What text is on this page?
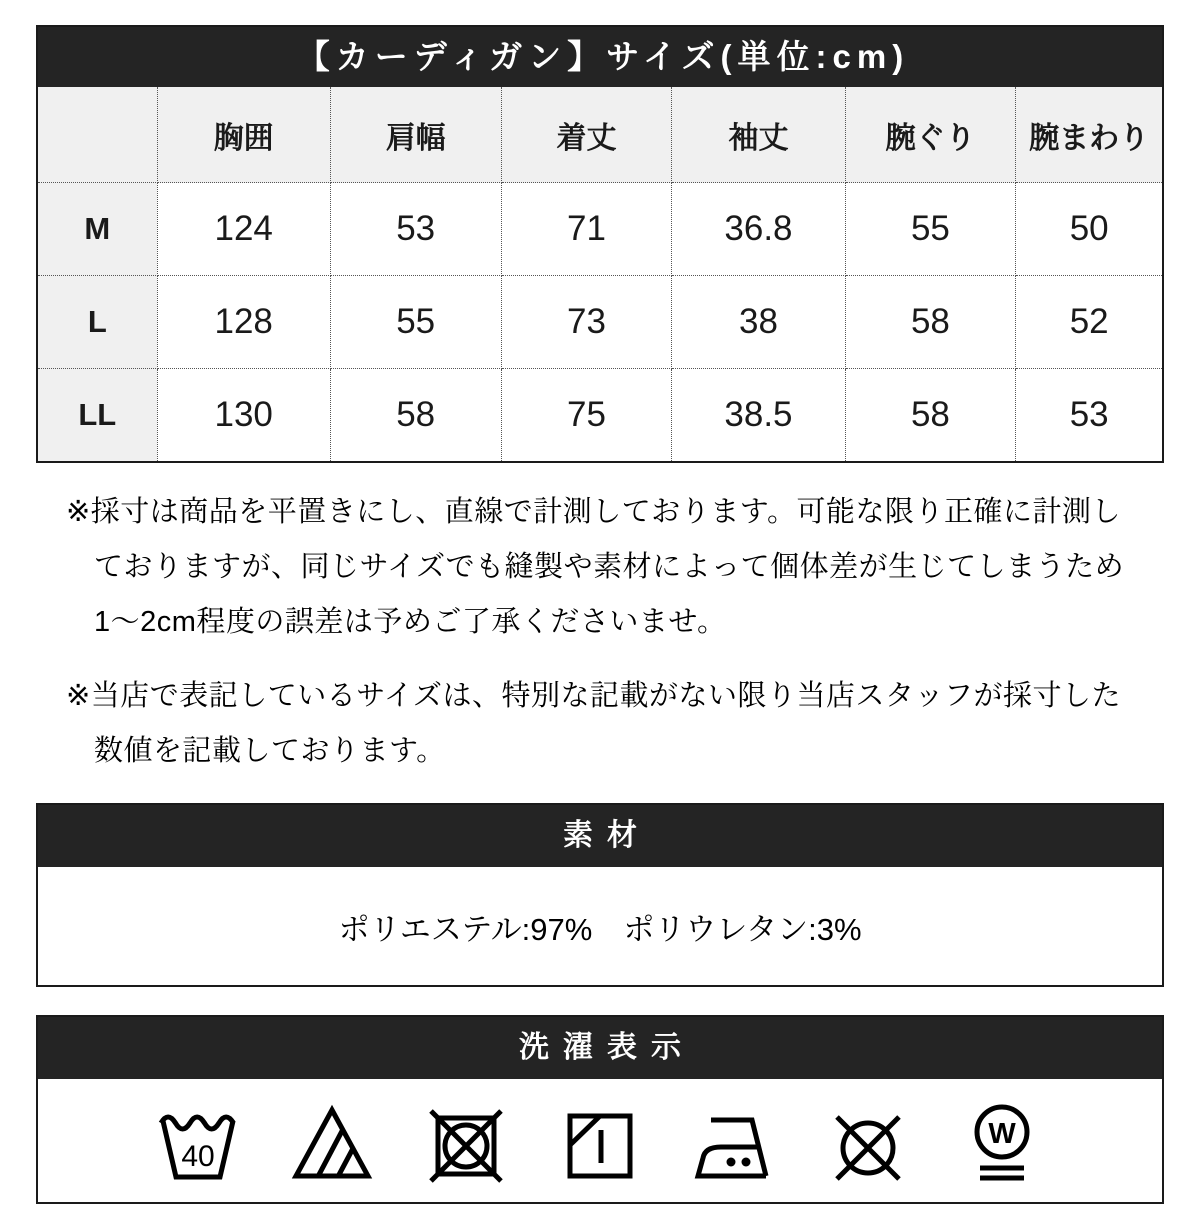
【カーディガン】サイズ(単位:cm)
	胸囲	肩幅	着丈	袖丈	腕ぐり	腕まわり
M	124	53	71	36.8	55	50
L	128	55	73	38	58	52
LL	130	58	75	38.5	58	53
※採寸は商品を平置きにし、直線で計測しております。可能な限り正確に計測し
ておりますが、同じサイズでも縫製や素材によって個体差が生じてしまうため
1〜2cm程度の誤差は予めご了承くださいませ。
※当店で表記しているサイズは、特別な記載がない限り当店スタッフが採寸した
数値を記載しております。
素材
ポリエステル:97%　ポリウレタン:3%
洗濯表示
40
W
